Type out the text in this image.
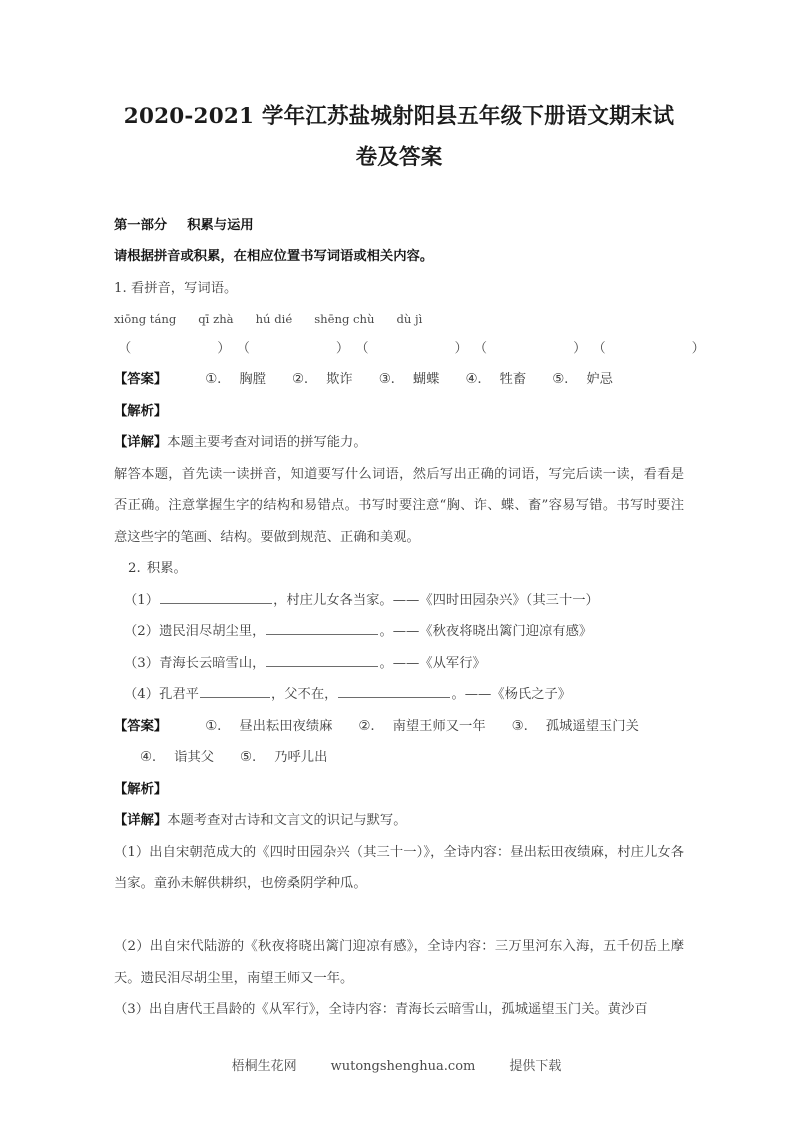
2020-2021 学年江苏盐城射阳县五年级下册语文期末试卷及答案
第一部分 积累与运用
请根据拼音或积累，在相应位置书写词语或相关内容。
1. 看拼音，写词语。
xiōng táng qī zhà hú dié shēng chù dù jì
（	） （	） （	） （	） （	）
【答案】	①. 胸膛 ②. 欺诈 ③. 蝴蝶 ④. 牲畜 ⑤. 妒忌
【解析】
【详解】本题主要考查对词语的拼写能力。
解答本题，首先读一读拼音，知道要写什么词语，然后写出正确的词语，写完后读一读，看看是否正确。注意掌握生字的结构和易错点。书写时要注意“胸、诈、蝶、畜”容易写错。书写时要注意这些字的笔画、结构。要做到规范、正确和美观。
2. 积累。
（1）	，村庄儿女各当家。——《四时田园杂兴》（其三十一）
（2）遗民泪尽胡尘里，	。——《秋夜将晓出篱门迎凉有感》
（3）青海长云暗雪山，	。——《从军行》
（4）孔君平	，父不在，	。——《杨氏之子》
【答案】	①. 昼出耘田夜绩麻 ②. 南望王师又一年 ③. 孤城遥望玉门关④. 诣其父 ⑤. 乃呼儿出
【解析】
【详解】本题考查对古诗和文言文的识记与默写。
（1）出自宋朝范成大的《四时田园杂兴（其三十一）》，全诗内容：昼出耘田夜绩麻，村庄儿女各当家。童孙未解供耕织，也傍桑阴学种瓜。
（2）出自宋代陆游的《秋夜将晓出篱门迎凉有感》，全诗内容：三万里河东入海，五千仞岳上摩天。遗民泪尽胡尘里，南望王师又一年。
（3）出自唐代王昌龄的《从军行》，全诗内容：青海长云暗雪山，孤城遥望玉门关。黄沙百
梧桐生花网	wutongshenghua.com	提供下载
